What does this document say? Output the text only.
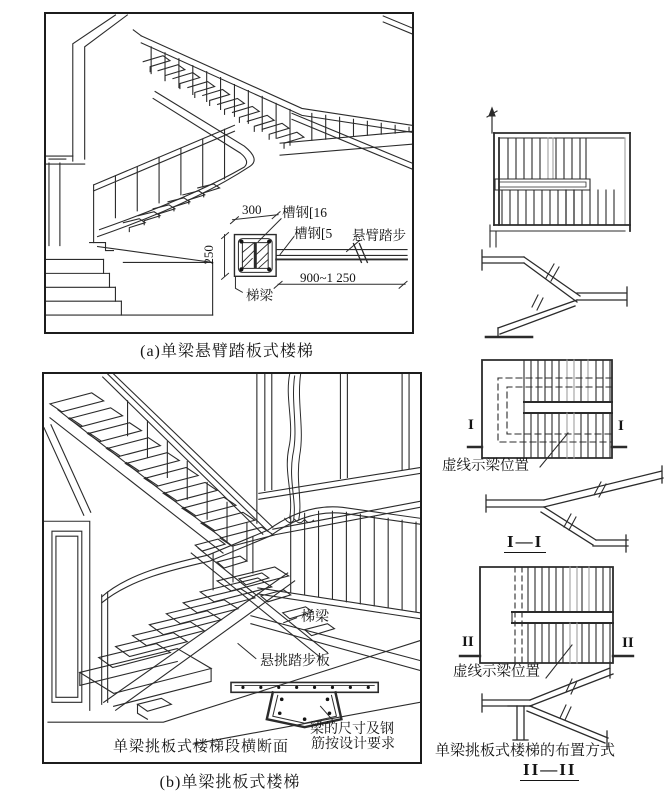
300
250
槽钢[16
槽钢[5 悬臂踏步
梯梁
900~1 250
(a)单梁悬臂踏板式楼梯
梯梁
悬挑踏步板
梁的尺寸及钢
筋按设计要求
单梁挑板式楼梯段横断面
(b)单梁挑板式楼梯
I	I
虚线示梁位置
I—I
II	II
虚线示梁位置
单梁挑板式楼梯的布置方式
II—II
